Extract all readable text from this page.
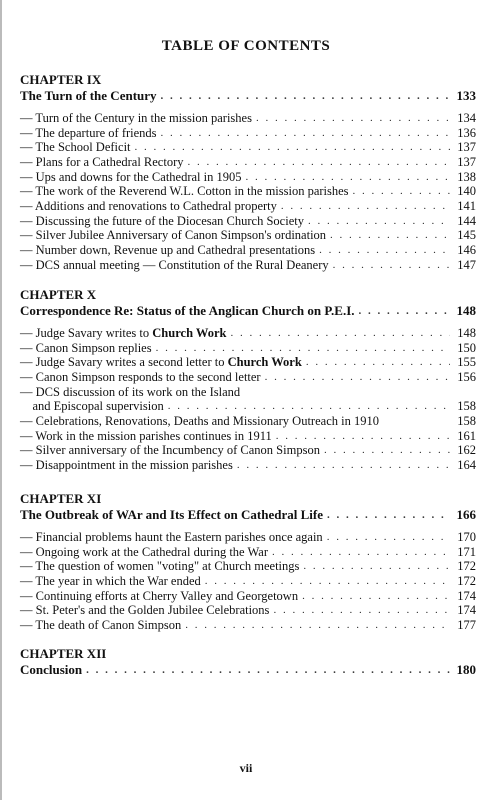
TABLE OF CONTENTS
CHAPTER IX
The Turn of the Century . . .	133
— Turn of the Century in the mission parishes . . .	134
— The departure of friends . . .	136
— The School Deficit . . .	137
— Plans for a Cathedral Rectory . . .	137
— Ups and downs for the Cathedral in 1905 . . .	138
— The work of the Reverend W.L. Cotton in the mission parishes . . .	140
— Additions and renovations to Cathedral property . . .	141
— Discussing the future of the Diocesan Church Society . . .	144
— Silver Jubilee Anniversary of Canon Simpson's ordination . . .	145
— Number down, Revenue up and Cathedral presentations . . .	146
— DCS annual meeting — Constitution of the Rural Deanery . . .	147
CHAPTER X
Correspondence Re: Status of the Anglican Church on P.E.I. . . .	148
— Judge Savary writes to Church Work . . .	148
— Canon Simpson replies . . .	150
— Judge Savary writes a second letter to Church Work . . .	155
— Canon Simpson responds to the second letter . . .	156
— DCS discussion of its work on the Island
 and Episcopal supervision . . .	158
— Celebrations, Renovations, Deaths and Missionary Outreach in 1910	158
— Work in the mission parishes continues in 1911 . . .	161
— Silver anniversary of the Incumbency of Canon Simpson . . .	162
— Disappointment in the mission parishes . . .	164
CHAPTER XI
The Outbreak of WAr and Its Effect on Cathedral Life . . .	166
— Financial problems haunt the Eastern parishes once again . . .	170
— Ongoing work at the Cathedral during the War . . .	171
— The question of women "voting" at Church meetings . . .	172
— The year in which the War ended . . .	172
— Continuing efforts at Cherry Valley and Georgetown . . .	174
— St. Peter's and the Golden Jubilee Celebrations . . .	174
— The death of Canon Simpson . . .	177
CHAPTER XII
Conclusion . . .	180
vii
